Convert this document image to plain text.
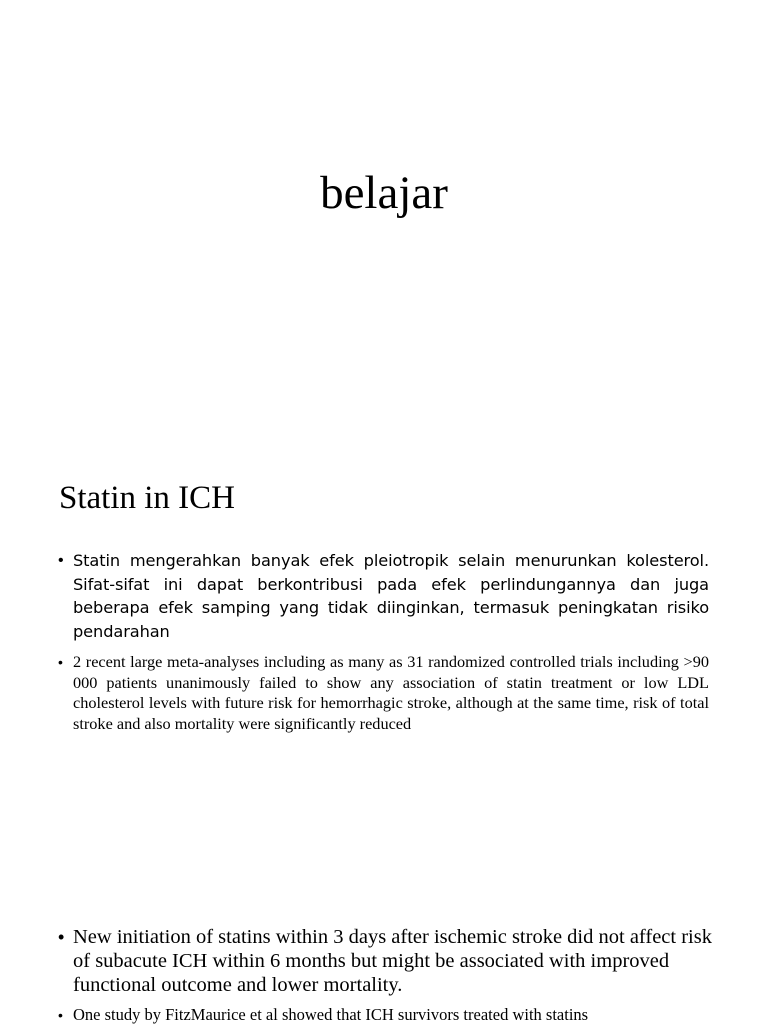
belajar
Statin in ICH
• Statin mengerahkan banyak efek pleiotropik selain menurunkan kolesterol. Sifat-sifat ini dapat berkontribusi pada efek perlindungannya dan juga beberapa efek samping yang tidak diinginkan, termasuk peningkatan risiko pendarahan
• 2 recent large meta-analyses including as many as 31 randomized controlled trials including >90 000 patients unanimously failed to show any association of statin treatment or low LDL cholesterol levels with future risk for hemorrhagic stroke, although at the same time, risk of total stroke and also mortality were significantly reduced
• New initiation of statins within 3 days after ischemic stroke did not affect risk of subacute ICH within 6 months but might be associated with improved functional outcome and lower mortality.
• One study by FitzMaurice et al showed that ICH survivors treated with statins
